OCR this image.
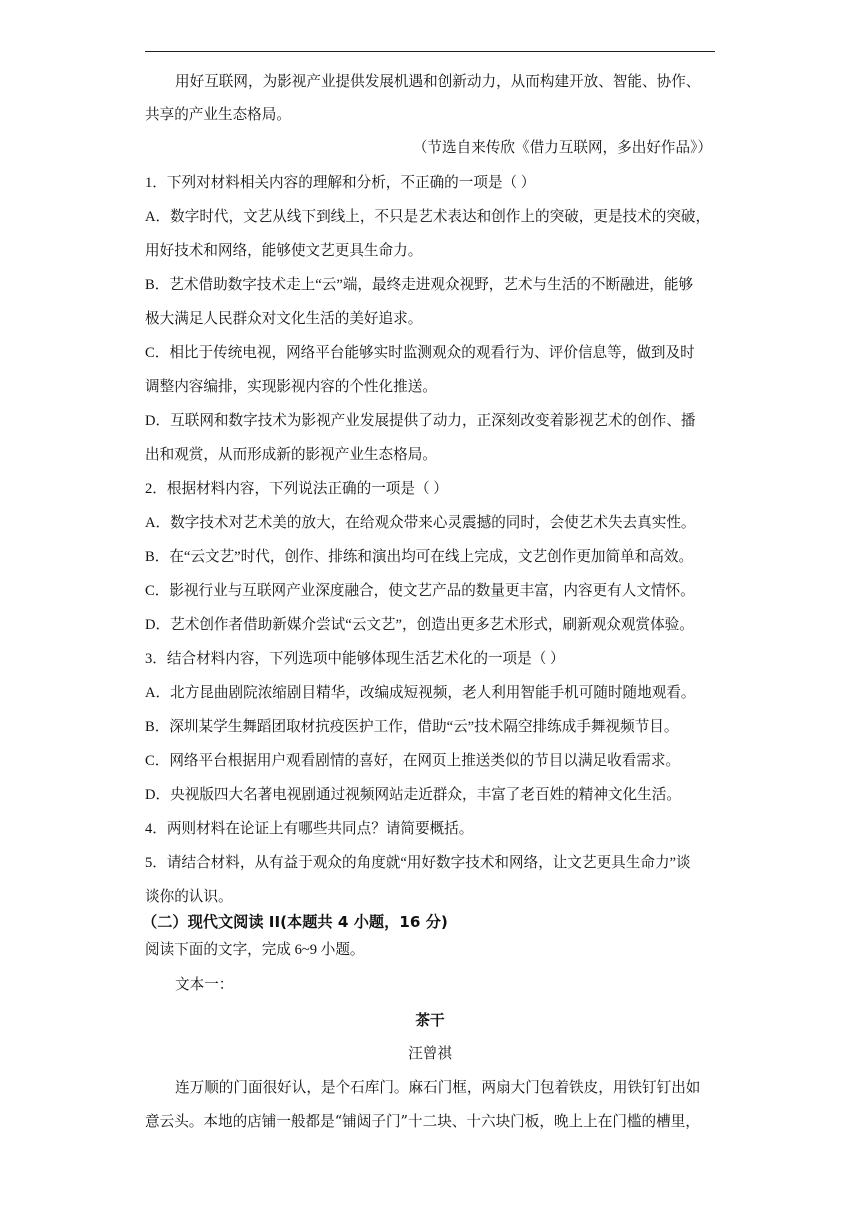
用好互联网，为影视产业提供发展机遇和创新动力，从而构建开放、智能、协作、
共享的产业生态格局。
（节选自来传欣《借力互联网，多出好作品》）
1．下列对材料相关内容的理解和分析，不正确的一项是（ ）
A．数字时代，文艺从线下到线上，不只是艺术表达和创作上的突破，更是技术的突破，
用好技术和网络，能够使文艺更具生命力。
B．艺术借助数字技术走上“云”端，最终走进观众视野，艺术与生活的不断融进，能够
极大满足人民群众对文化生活的美好追求。
C．相比于传统电视，网络平台能够实时监测观众的观看行为、评价信息等，做到及时
调整内容编排，实现影视内容的个性化推送。
D．互联网和数字技术为影视产业发展提供了动力，正深刻改变着影视艺术的创作、播
出和观赏，从而形成新的影视产业生态格局。
2．根据材料内容，下列说法正确的一项是（ ）
A．数字技术对艺术美的放大，在给观众带来心灵震撼的同时，会使艺术失去真实性。
B．在“云文艺”时代，创作、排练和演出均可在线上完成，文艺创作更加简单和高效。
C．影视行业与互联网产业深度融合，使文艺产品的数量更丰富，内容更有人文情怀。
D．艺术创作者借助新媒介尝试“云文艺”，创造出更多艺术形式，刷新观众观赏体验。
3．结合材料内容，下列选项中能够体现生活艺术化的一项是（ ）
A．北方昆曲剧院浓缩剧目精华，改编成短视频，老人利用智能手机可随时随地观看。
B．深圳某学生舞蹈团取材抗疫医护工作，借助“云”技术隔空排练成手舞视频节目。
C．网络平台根据用户观看剧情的喜好，在网页上推送类似的节目以满足收看需求。
D．央视版四大名著电视剧通过视频网站走近群众，丰富了老百姓的精神文化生活。
4．两则材料在论证上有哪些共同点？请简要概括。
5．请结合材料，从有益于观众的角度就“用好数字技术和网络，让文艺更具生命力”谈
谈你的认识。
（二）现代文阅读 II(本题共 4 小题，16 分)
阅读下面的文字，完成 6~9 小题。
文本一：
茶干
汪曾祺
连万顺的门面很好认，是个石库门。麻石门框，两扇大门包着铁皮，用铁钉钉出如
意云头。本地的店铺一般都是“铺闼子门”十二块、十六块门板，晚上上在门槛的槽里，
